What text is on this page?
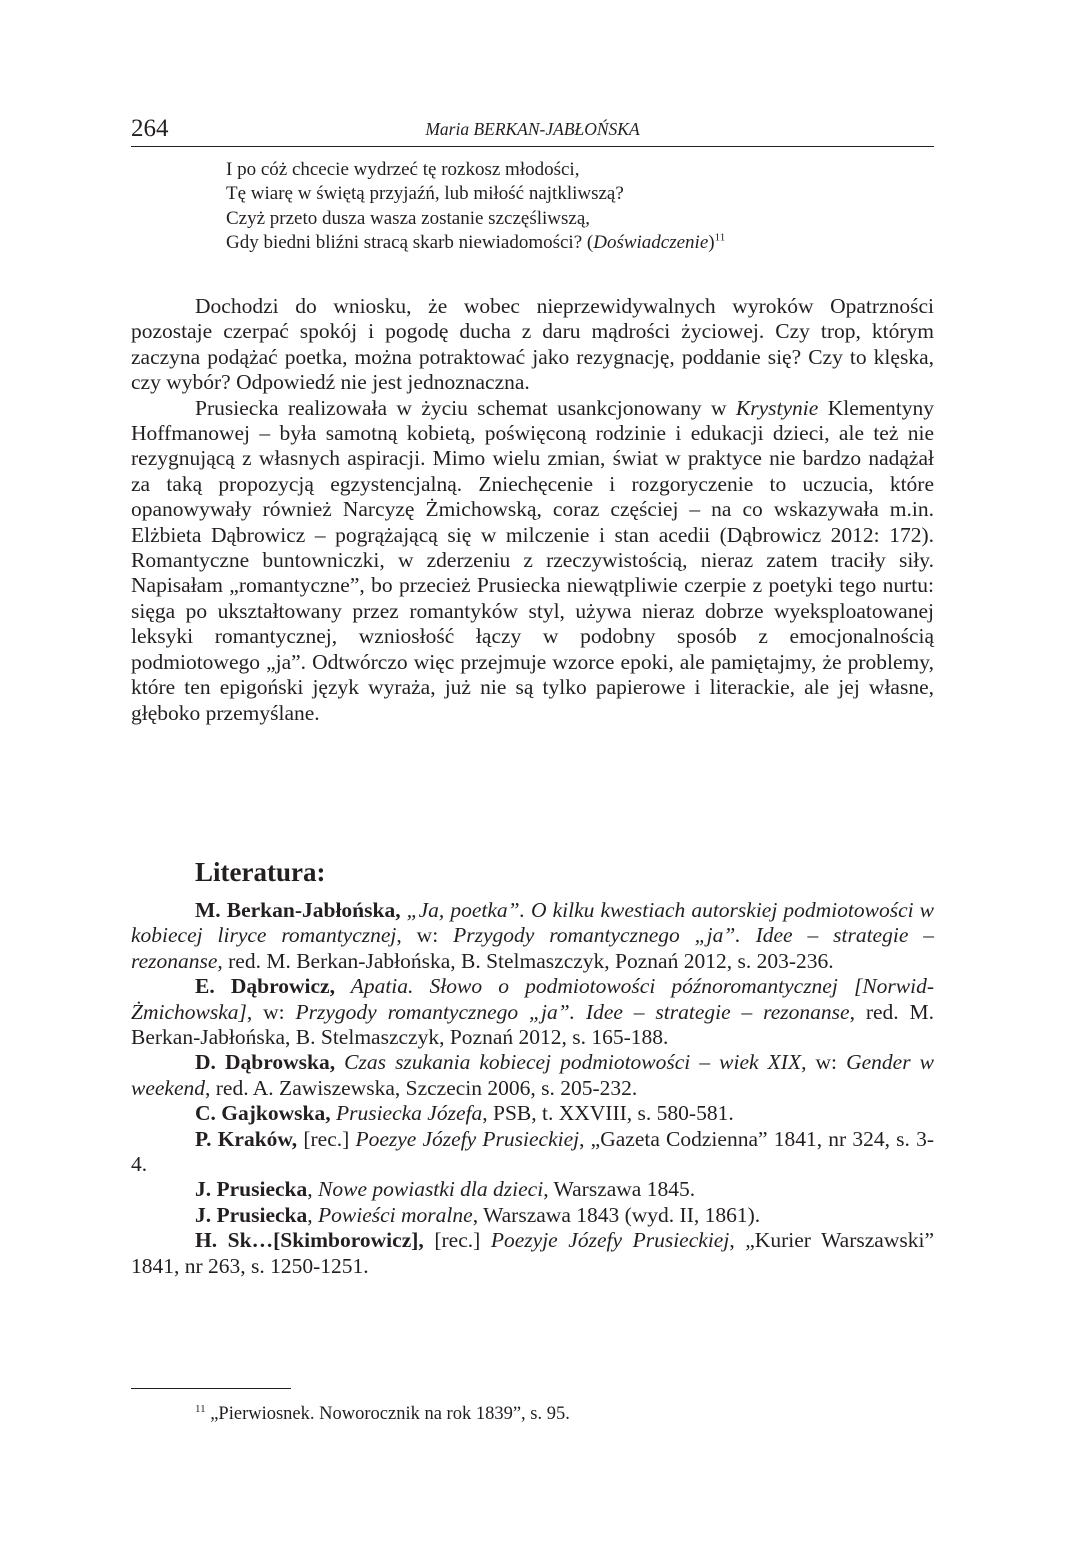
264	Maria BERKAN-JABŁOŃSKA
I po cóż chcecie wydrzeć tę rozkosz młodości,
Tę wiarę w świętą przyjaźń, lub miłość najtkliwszą?
Czyż przeto dusza wasza zostanie szczęśliwszą,
Gdy biedni bliźni stracą skarb niewiadomości? (Doświadczenie)$^{11}$

Dochodzi do wniosku, że wobec nieprzewidywalnych wyroków Opatrzności pozostaje czerpać spokój i pogodę ducha z daru mądrości życiowej. Czy trop, którym zaczyna podążać poetka, można potraktować jako rezygnację, poddanie się? Czy to klęska, czy wybór? Odpowiedź nie jest jednoznaczna.

Prusiecka realizowała w życiu schemat usankcjonowany w Krystynie Klementyny Hoffmanowej – była samotną kobietą, poświęconą rodzinie i edukacji dzieci, ale też nie rezygnującą z własnych aspiracji. Mimo wielu zmian, świat w praktyce nie bardzo nadążał za taką propozycją egzystencjalną. Zniechęcenie i rozgoryczenie to uczucia, które opanowywały również Narcyzę Żmichowską, coraz częściej – na co wskazywała m.in. Elżbieta Dąbrowicz – pogrążającą się w milczenie i stan acedii (Dąbrowicz 2012: 172). Romantyczne buntowniczki, w zderzeniu z rzeczywistością, nieraz zatem traciły siły. Napisałam „romantyczne”, bo przecież Prusiecka niewątpliwie czerpie z poetyki tego nurtu: sięga po ukształtowany przez romantyków styl, używa nieraz dobrze wyeksploatowanej leksyki romantycznej, wzniosłość łączy w podobny sposób z emocjonalnością podmiotowego „ja”. Odtwórczo więc przejmuje wzorce epoki, ale pamiętajmy, że problemy, które ten epigoński język wyraża, już nie są tylko papierowe i literackie, ale jej własne, głęboko przemyślane.

Literatura:

M. Berkan-Jabłońska, „Ja, poetka”. O kilku kwestiach autorskiej podmiotowości w kobiecej liryce romantycznej, w: Przygody romantycznego „ja”. Idee – strategie – rezonanse, red. M. Berkan-Jabłońska, B. Stelmaszczyk, Poznań 2012, s. 203-236.

E. Dąbrowicz, Apatia. Słowo o podmiotowości późnoromantycznej [Norwid- Żmichowska], w: Przygody romantycznego „ja”. Idee – strategie – rezonanse, red. M. Berkan-Jabłońska, B. Stelmaszczyk, Poznań 2012, s. 165-188.

D. Dąbrowska, Czas szukania kobiecej podmiotowości – wiek XIX, w: Gender w weekend, red. A. Zawiszewska, Szczecin 2006, s. 205-232.

C. Gajkowska, Prusiecka Józefa, PSB, t. XXVIII, s. 580-581.

P. Kraków, [rec.] Poezye Józefy Prusieckiej, „Gazeta Codzienna” 1841, nr 324, s. 3-4.

J. Prusiecka, Nowe powiastki dla dzieci, Warszawa 1845.

J. Prusiecka, Powieści moralne, Warszawa 1843 (wyd. II, 1861).

H. Sk…[Skimborowicz], [rec.] Poezyje Józefy Prusieckiej, „Kurier Warszawski” 1841, nr 263, s. 1250-1251.

$^{11}$ „Pierwiosnek. Noworocznik na rok 1839”, s. 95.
